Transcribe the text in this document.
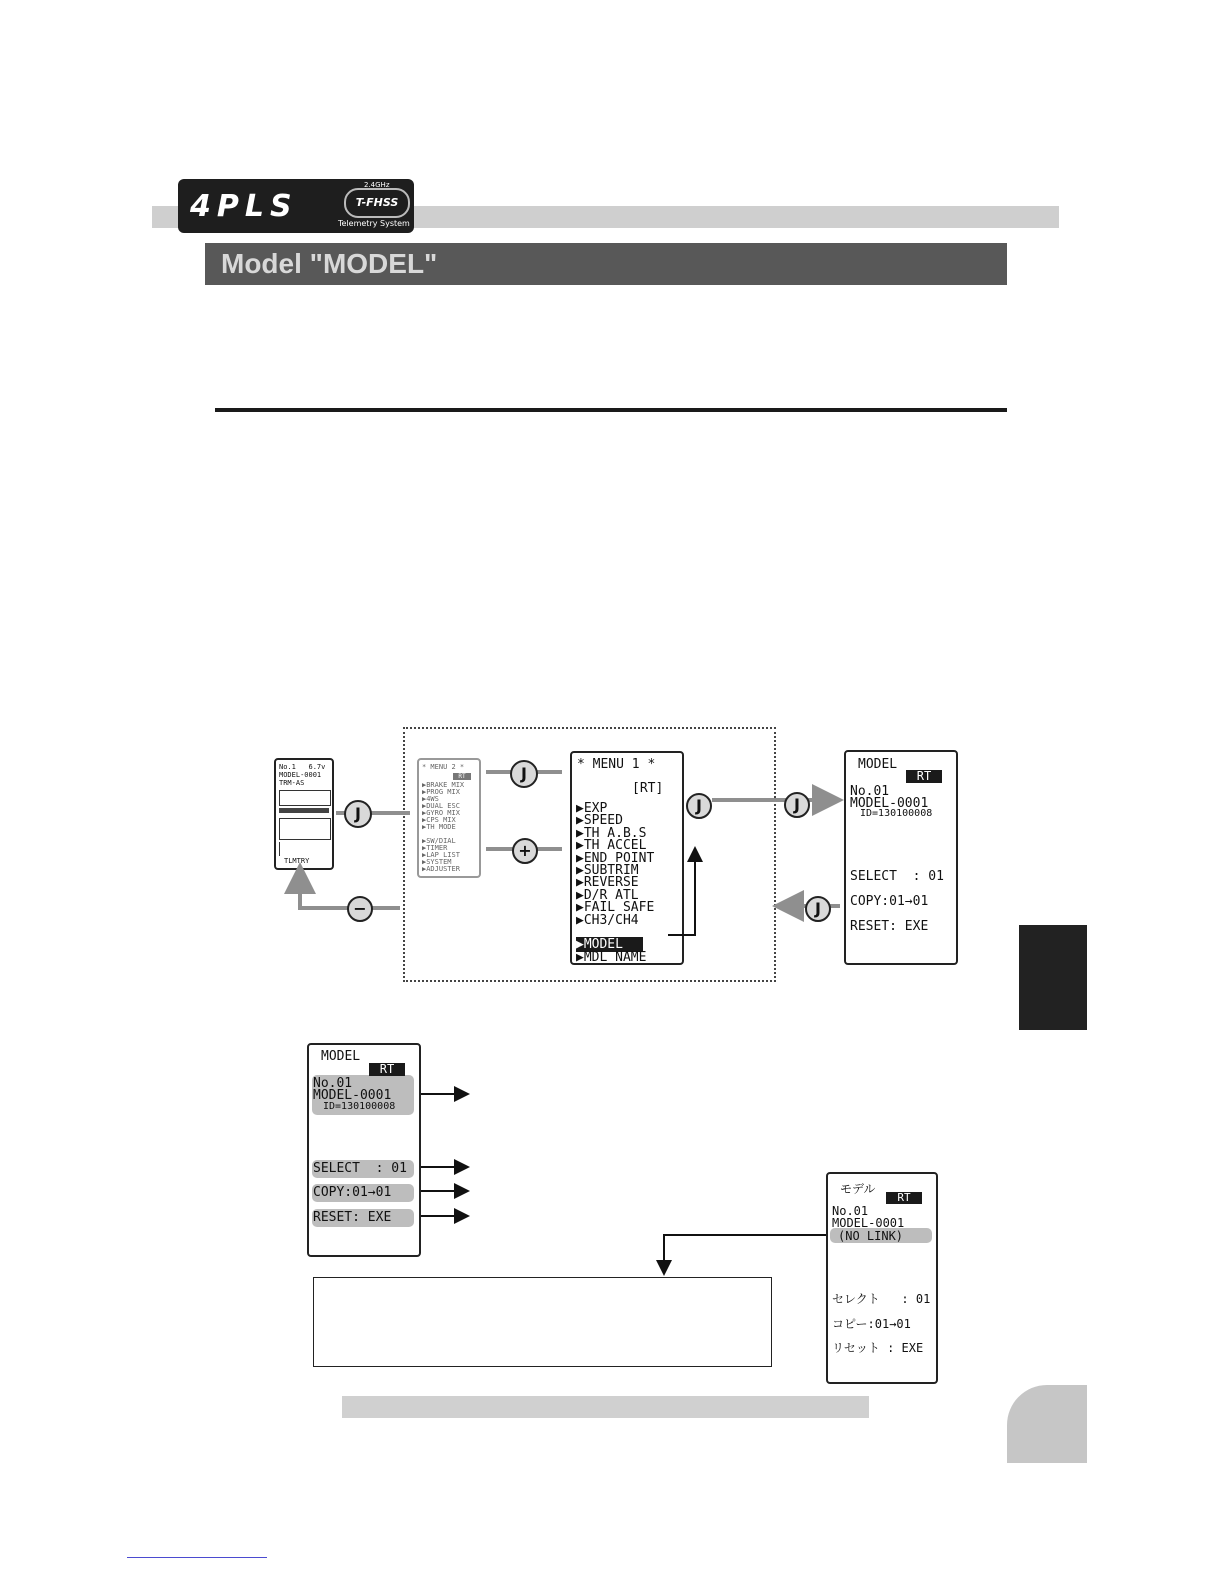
4PLS	T-FHSS
Telemetry System
2.4GHz
Model "MODEL"
No.1   6.7v
MODEL-0001
TRM-AS
TLMTRY
* MENU 2 *
RT
▶BRAKE MIX
▶PROG MIX
▶4WS
▶DUAL ESC
▶GYRO MIX
▶CPS MIX
▶TH MODE
▶SW/DIAL
▶TIMER
▶LAP LIST
▶SYSTEM
▶ADJUSTER
* MENU 1 *
[RT]
▶EXP
▶SPEED
▶TH A.B.S
▶TH ACCEL
▶END POINT
▶SUBTRIM
▶REVERSE
▶D/R ATL
▶FAIL SAFE
▶CH3/CH4
▶MODEL
▶MDL NAME
MODEL
RT
No.01
MODEL-0001
ID=130100008
SELECT  : 01
COPY:01→01
RESET: EXE
J
J
+
−
J	J
J
MODEL
RT
No.01
MODEL-0001
ID=130100008
SELECT  : 01
COPY:01→01
RESET: EXE
モデル
RT
No.01
MODEL-0001
(NO LINK)
セレクト   : 01
コピー:01→01
リセット : EXE
